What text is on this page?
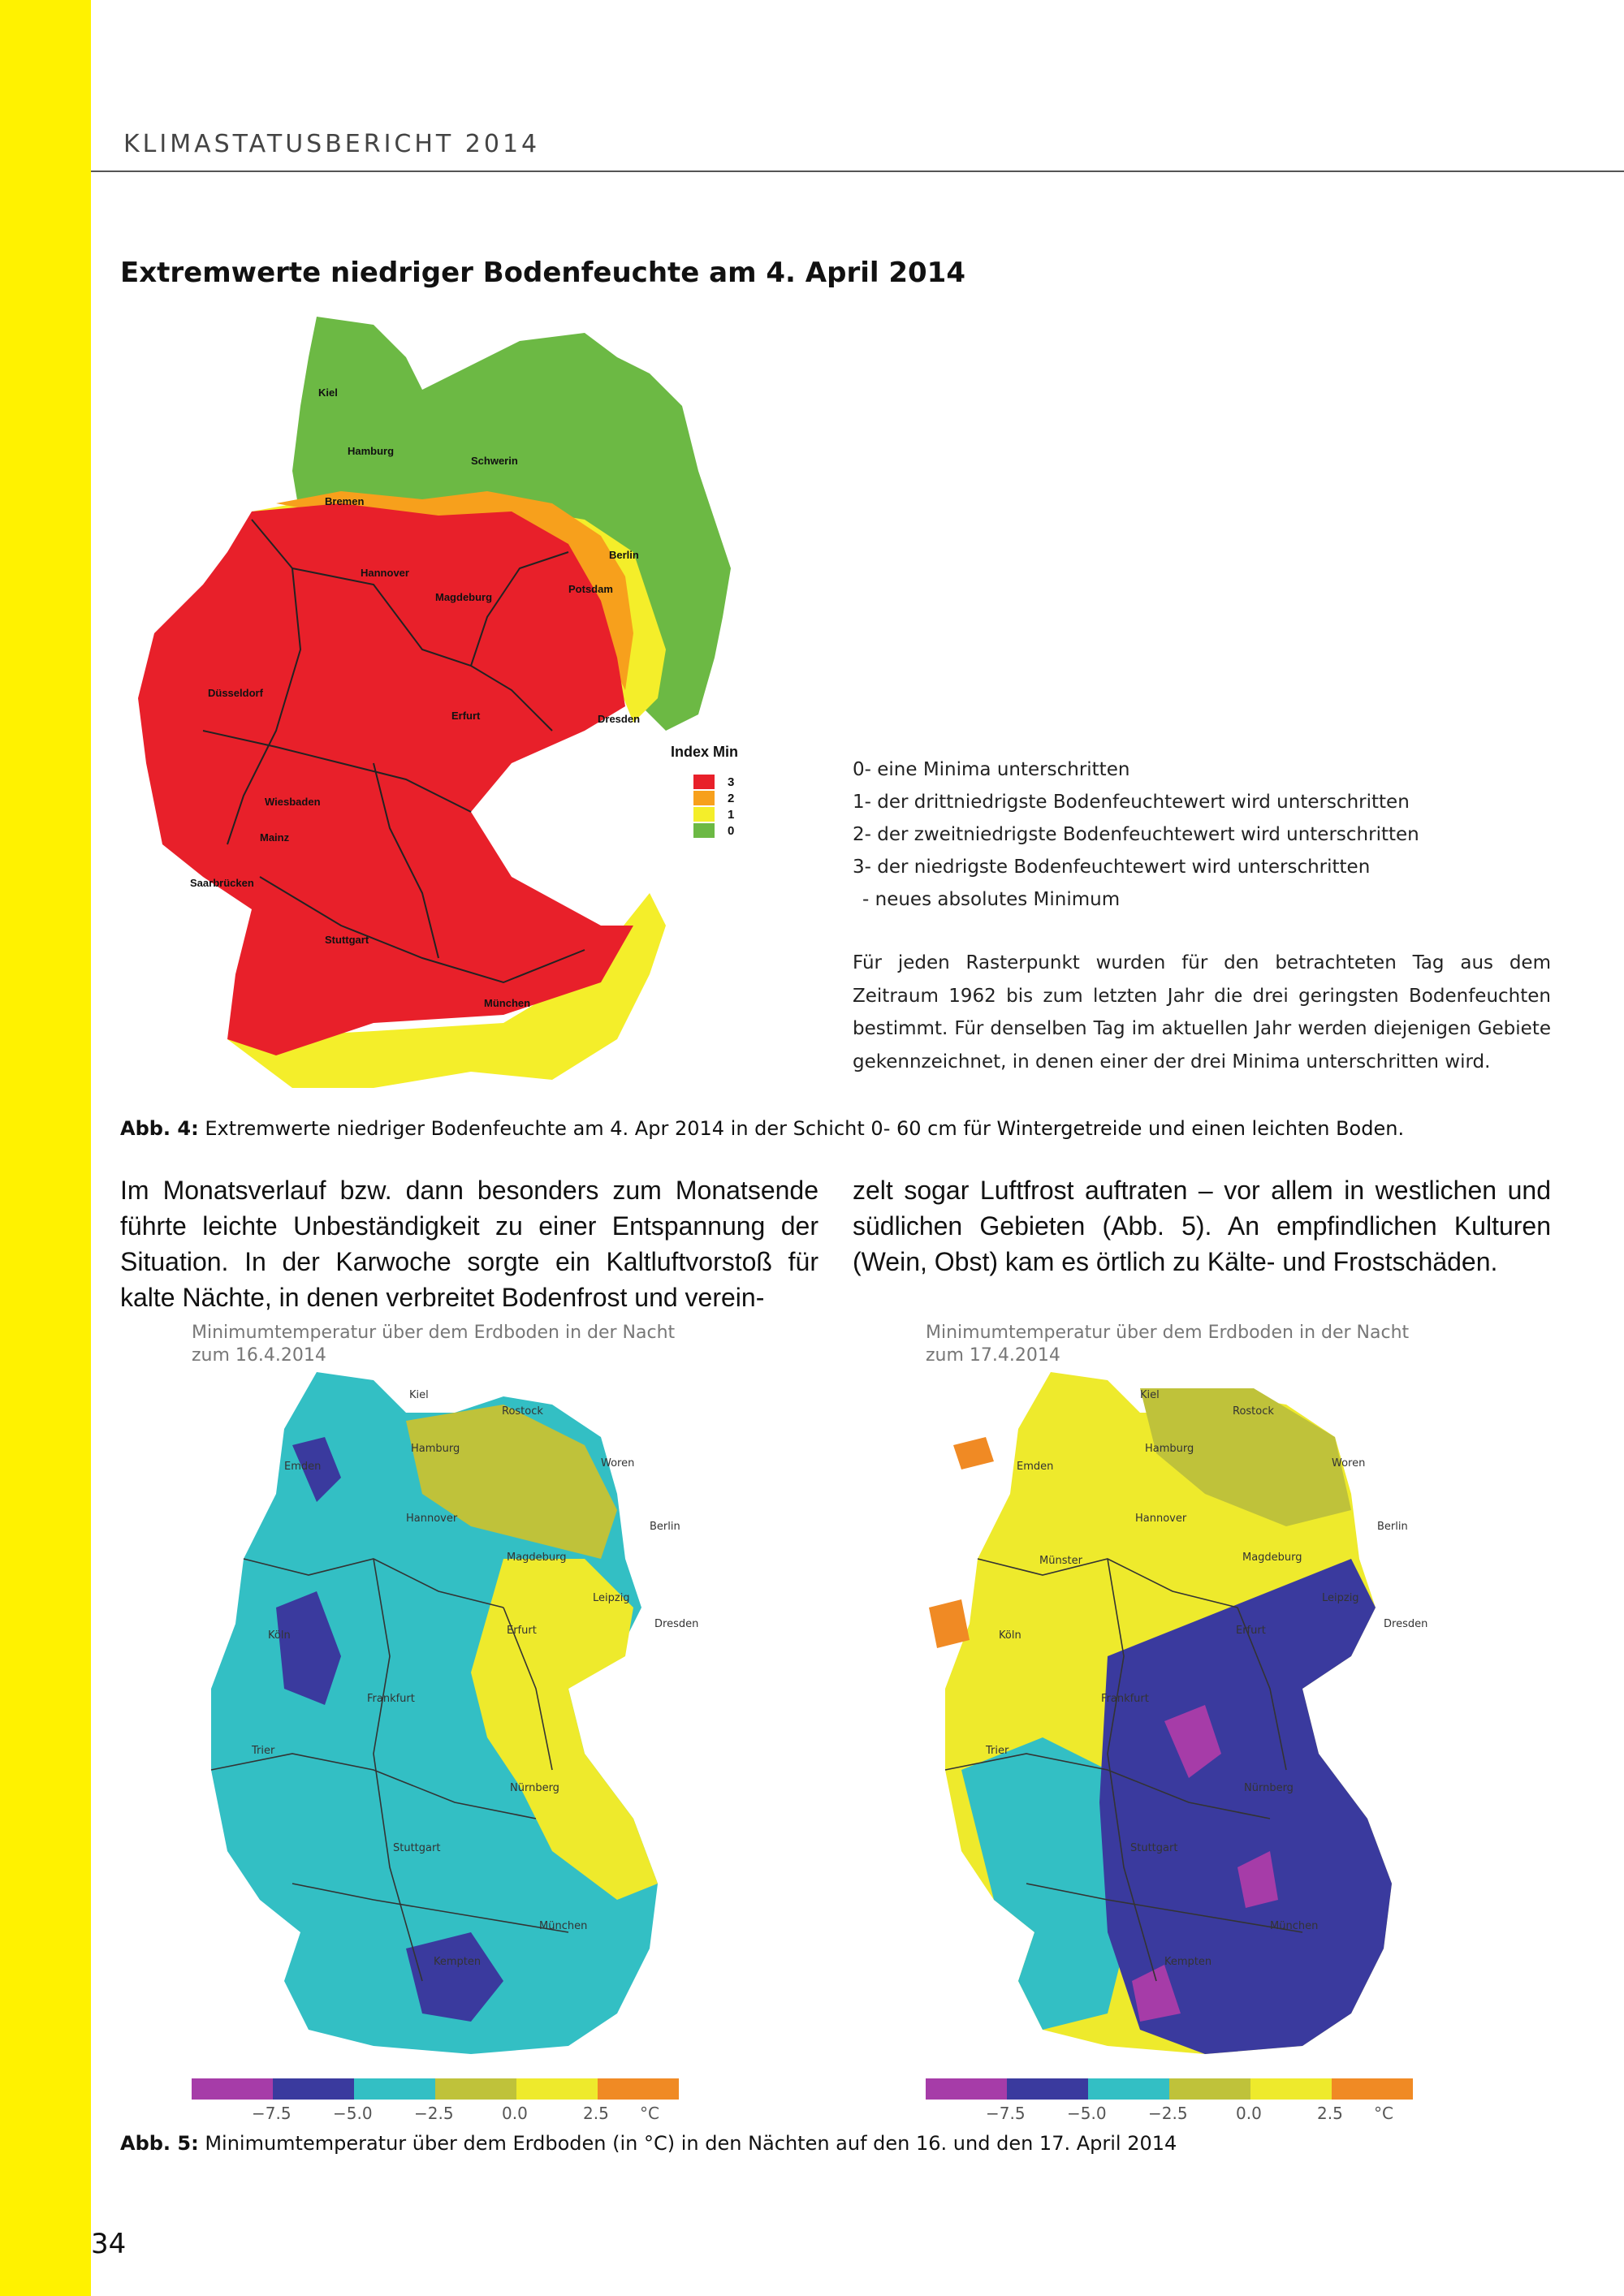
KLIMASTATUSBERICHT 2014
Extremwerte niedriger Bodenfeuchte am 4. April 2014
Kiel
Hamburg
Schwerin
Bremen
Berlin
Hannover
Potsdam
Magdeburg
Düsseldorf
Erfurt	Dresden
Wiesbaden
Mainz
Saarbrücken
Stuttgart
München
Index Min
3
2
1
0
0- eine Minima unterschritten
1- der drittniedrigste Bodenfeuchtewert wird unterschritten
2- der zweitniedrigste Bodenfeuchtewert wird unterschritten
3- der niedrigste Bodenfeuchtewert wird unterschritten
- neues absolutes Minimum
Für jeden Rasterpunkt wurden für den betrachteten Tag aus dem Zeitraum 1962 bis zum letzten Jahr die drei geringsten Bodenfeuchten bestimmt. Für denselben Tag im aktuellen Jahr werden diejenigen Gebiete gekennzeichnet, in denen einer der drei Minima unterschritten wird.
Abb. 4: Extremwerte niedriger Bodenfeuchte am 4. Apr 2014 in der Schicht 0- 60 cm für Wintergetreide und einen leichten Boden.
Im Monatsverlauf bzw. dann besonders zum Monatsende führte leichte Unbeständigkeit zu einer Entspannung der Situation. In der Karwoche sorgte ein Kaltluftvorstoß für kalte Nächte, in denen verbreitet Bodenfrost und verein-
zelt sogar Luftfrost auftraten – vor allem in westlichen und südlichen Gebieten (Abb. 5). An empfindlichen Kulturen (Wein, Obst) kam es örtlich zu Kälte- und Frostschäden.
Minimumtemperatur über dem Erdboden in der Nacht
zum 16.4.2014
Kiel
Rostock
Hamburg
Emden	Woren
Hannover
Berlin
Magdeburg
Leipzig
Dresden
Köln	Erfurt
Frankfurt
Trier
Nürnberg
Stuttgart
München
Kempten
−7.5	−5.0	−2.5	0.0	2.5 °C
Minimumtemperatur über dem Erdboden in der Nacht
zum 17.4.2014
Kiel
Rostock
Hamburg
Emden	Woren
Hannover
Münster
Berlin
Magdeburg
Leipzig
Dresden
Köln	Erfurt
Frankfurt
Trier
Nürnberg
Stuttgart
München
Kempten
−7.5	−5.0	−2.5	0.0	2.5 °C
Abb. 5: Minimumtemperatur über dem Erdboden (in °C) in den Nächten auf den 16. und den 17. April 2014
34
